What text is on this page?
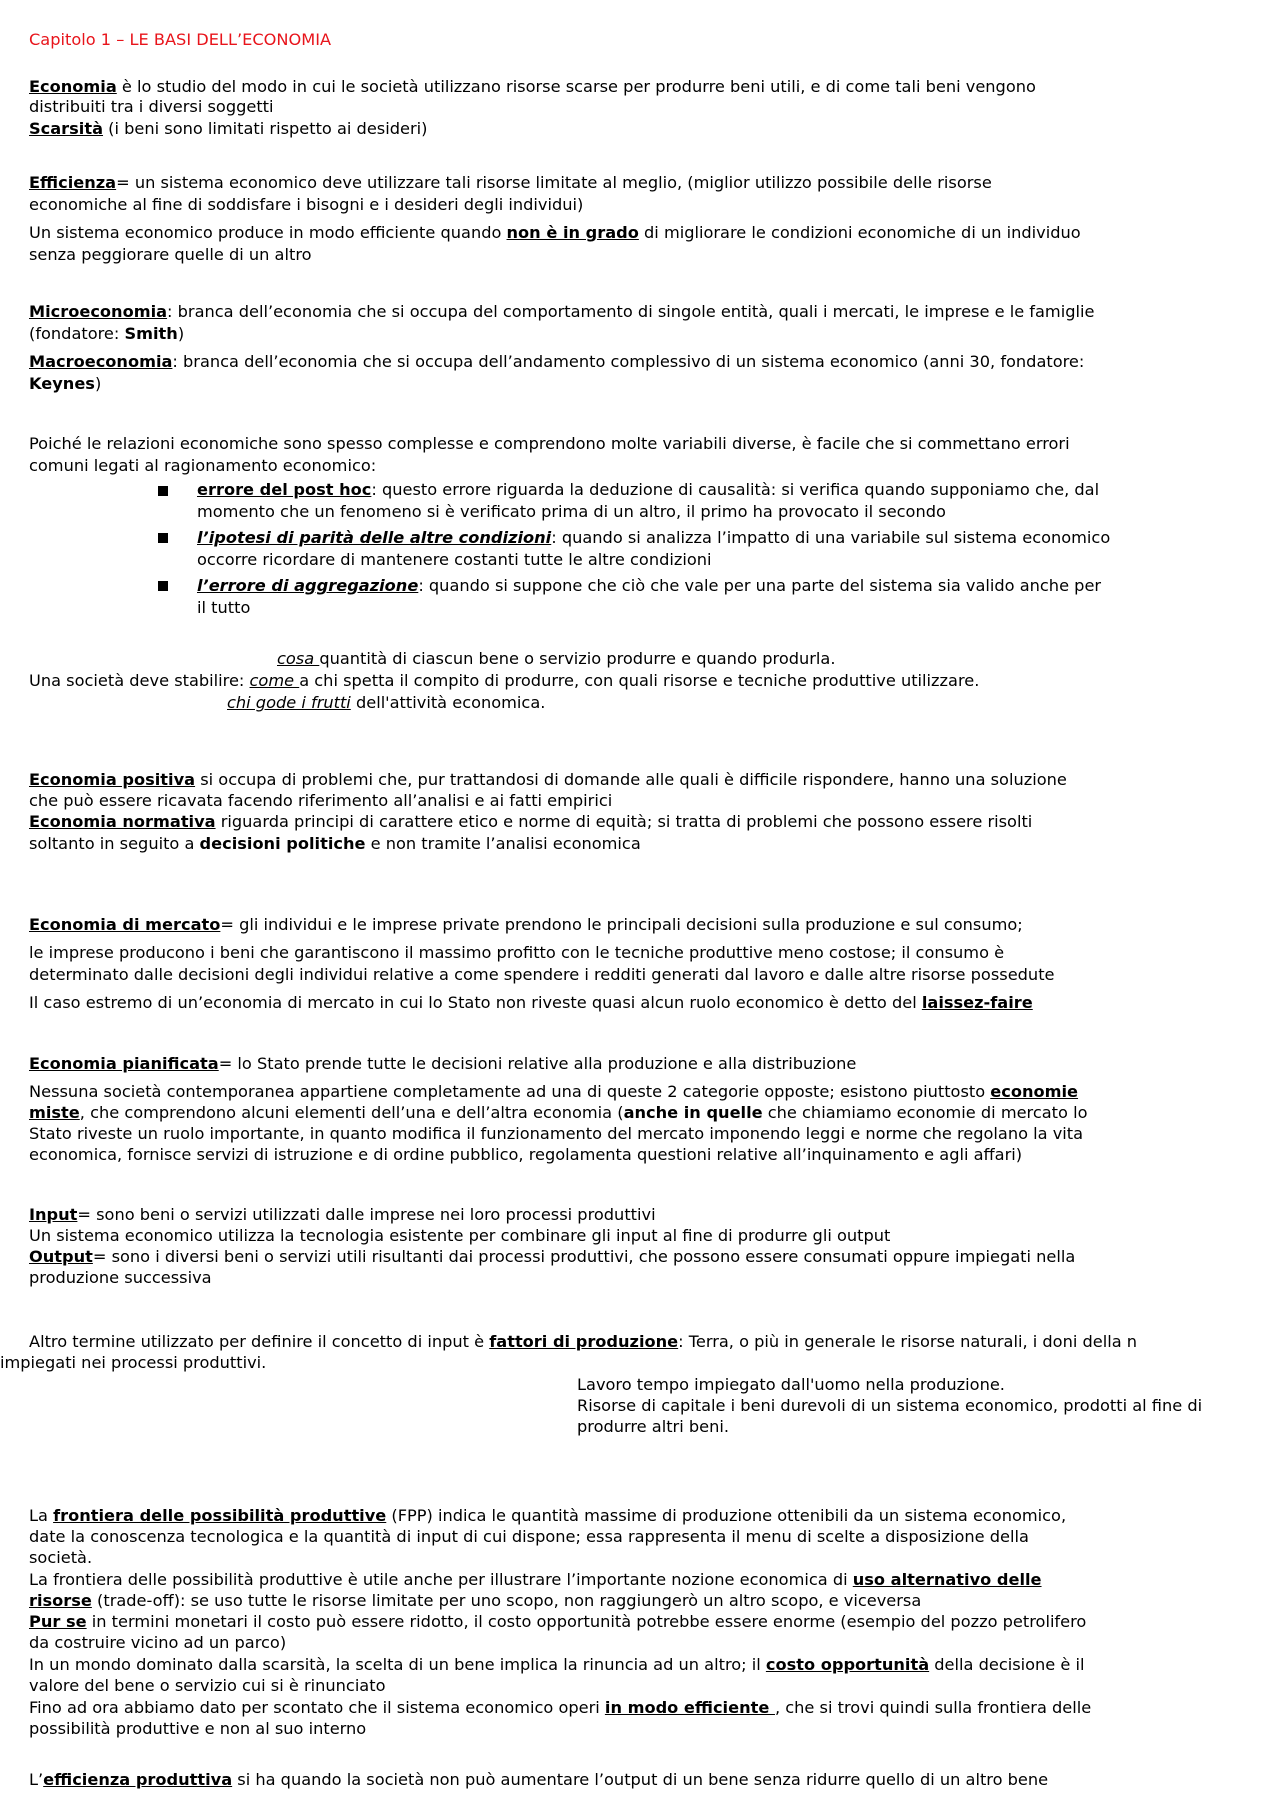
Capitolo 1 – LE BASI DELL’ECONOMIA
Economia è lo studio del modo in cui le società utilizzano risorse scarse per produrre beni utili, e di come tali beni vengono
distribuiti tra i diversi soggetti
Scarsità (i beni sono limitati rispetto ai desideri)
Efficienza= un sistema economico deve utilizzare tali risorse limitate al meglio, (miglior utilizzo possibile delle risorse
economiche al fine di soddisfare i bisogni e i desideri degli individui)
Un sistema economico produce in modo efficiente quando non è in grado di migliorare le condizioni economiche di un individuo
senza peggiorare quelle di un altro
Microeconomia: branca dell’economia che si occupa del comportamento di singole entità, quali i mercati, le imprese e le famiglie
(fondatore: Smith)
Macroeconomia: branca dell’economia che si occupa dell’andamento complessivo di un sistema economico (anni 30, fondatore:
Keynes)
Poiché le relazioni economiche sono spesso complesse e comprendono molte variabili diverse, è facile che si commettano errori
comuni legati al ragionamento economico:
errore del post hoc: questo errore riguarda la deduzione di causalità: si verifica quando supponiamo che, dal
momento che un fenomeno si è verificato prima di un altro, il primo ha provocato il secondo
l’ipotesi di parità delle altre condizioni: quando si analizza l’impatto di una variabile sul sistema economico
occorre ricordare di mantenere costanti tutte le altre condizioni
l’errore di aggregazione: quando si suppone che ciò che vale per una parte del sistema sia valido anche per
il tutto
cosa quantità di ciascun bene o servizio produrre e quando produrla.
Una società deve stabilire: come a chi spetta il compito di produrre, con quali risorse e tecniche produttive utilizzare.
chi gode i frutti dell'attività economica.
Economia positiva si occupa di problemi che, pur trattandosi di domande alle quali è difficile rispondere, hanno una soluzione
che può essere ricavata facendo riferimento all’analisi e ai fatti empirici
Economia normativa riguarda principi di carattere etico e norme di equità; si tratta di problemi che possono essere risolti
soltanto in seguito a decisioni politiche e non tramite l’analisi economica
Economia di mercato= gli individui e le imprese private prendono le principali decisioni sulla produzione e sul consumo;
le imprese producono i beni che garantiscono il massimo profitto con le tecniche produttive meno costose; il consumo è
determinato dalle decisioni degli individui relative a come spendere i redditi generati dal lavoro e dalle altre risorse possedute
Il caso estremo di un’economia di mercato in cui lo Stato non riveste quasi alcun ruolo economico è detto del laissez-faire
Economia pianificata= lo Stato prende tutte le decisioni relative alla produzione e alla distribuzione
Nessuna società contemporanea appartiene completamente ad una di queste 2 categorie opposte; esistono piuttosto economie
miste, che comprendono alcuni elementi dell’una e dell’altra economia (anche in quelle che chiamiamo economie di mercato lo
Stato riveste un ruolo importante, in quanto modifica il funzionamento del mercato imponendo leggi e norme che regolano la vita
economica, fornisce servizi di istruzione e di ordine pubblico, regolamenta questioni relative all’inquinamento e agli affari)
Input= sono beni o servizi utilizzati dalle imprese nei loro processi produttivi
Un sistema economico utilizza la tecnologia esistente per combinare gli input al fine di produrre gli output
Output= sono i diversi beni o servizi utili risultanti dai processi produttivi, che possono essere consumati oppure impiegati nella
produzione successiva
Altro termine utilizzato per definire il concetto di input è fattori di produzione: Terra, o più in generale le risorse naturali, i doni della n
impiegati nei processi produttivi.
Lavoro tempo impiegato dall'uomo nella produzione.
Risorse di capitale i beni durevoli di un sistema economico, prodotti al fine di
produrre altri beni.
La frontiera delle possibilità produttive (FPP) indica le quantità massime di produzione ottenibili da un sistema economico,
date la conoscenza tecnologica e la quantità di input di cui dispone; essa rappresenta il menu di scelte a disposizione della
società.
La frontiera delle possibilità produttive è utile anche per illustrare l’importante nozione economica di uso alternativo delle
risorse (trade-off): se uso tutte le risorse limitate per uno scopo, non raggiungerò un altro scopo, e viceversa
Pur se in termini monetari il costo può essere ridotto, il costo opportunità potrebbe essere enorme (esempio del pozzo petrolifero
da costruire vicino ad un parco)
In un mondo dominato dalla scarsità, la scelta di un bene implica la rinuncia ad un altro; il costo opportunità della decisione è il
valore del bene o servizio cui si è rinunciato
Fino ad ora abbiamo dato per scontato che il sistema economico operi in modo efficiente , che si trovi quindi sulla frontiera delle
possibilità produttive e non al suo interno
L’efficienza produttiva si ha quando la società non può aumentare l’output di un bene senza ridurre quello di un altro bene
